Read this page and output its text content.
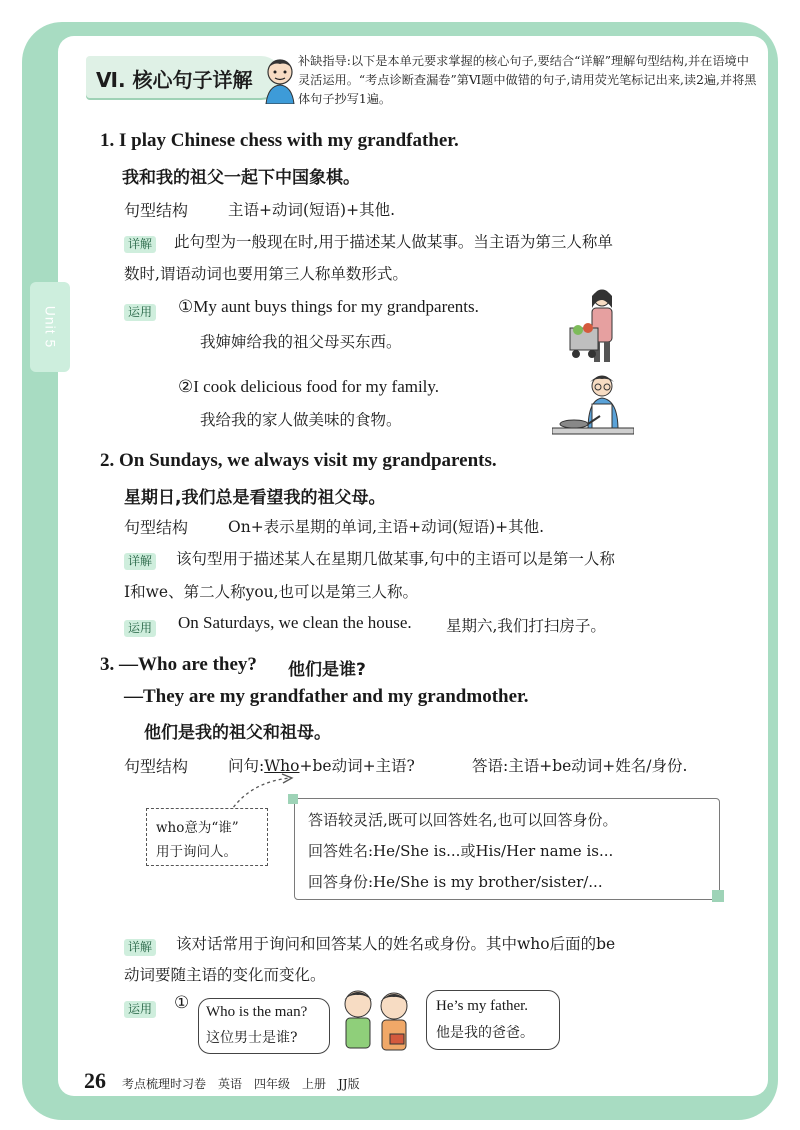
Unit 5
Ⅵ. 核心句子详解
补缺指导:以下是本单元要求掌握的核心句子,要结合“详解”理解句型结构,并在语境中灵活运用。“考点诊断查漏卷”第Ⅵ题中做错的句子,请用荧光笔标记出来,读2遍,并将黑体句子抄写1遍。
1. I play Chinese chess with my grandfather.
我和我的祖父一起下中国象棋。
句型结构	主语+动词(短语)+其他.
详解 此句型为一般现在时,用于描述某人做某事。当主语为第三人称单
数时,谓语动词也要用第三人称单数形式。
运用 ①My aunt buys things for my grandparents.
我婶婶给我的祖父母买东西。
②I cook delicious food for my family.
我给我的家人做美味的食物。
2. On Sundays, we always visit my grandparents.
星期日,我们总是看望我的祖父母。
句型结构	On+表示星期的单词,主语+动词(短语)+其他.
详解 该句型用于描述某人在星期几做某事,句中的主语可以是第一人称
I和we、第二人称you,也可以是第三人称。
运用 On Saturdays, we clean the house. 星期六,我们打扫房子。
3. —Who are they? 他们是谁?
—They are my grandfather and my grandmother.
他们是我的祖父和祖母。
句型结构	问句:Who+be动词+主语?	答语:主语+be动词+姓名/身份.
who意为“谁”
用于询问人。
答语较灵活,既可以回答姓名,也可以回答身份。
回答姓名:He/She is...或His/Her name is...
回答身份:He/She is my brother/sister/...
详解 该对话常用于询问和回答某人的姓名或身份。其中who后面的be
动词要随主语的变化而变化。
运用 ① Who is the man?
这位男士是谁?
He’s my father.
他是我的爸爸。
26 考点梳理时习卷　英语　四年级　上册　JJ版
